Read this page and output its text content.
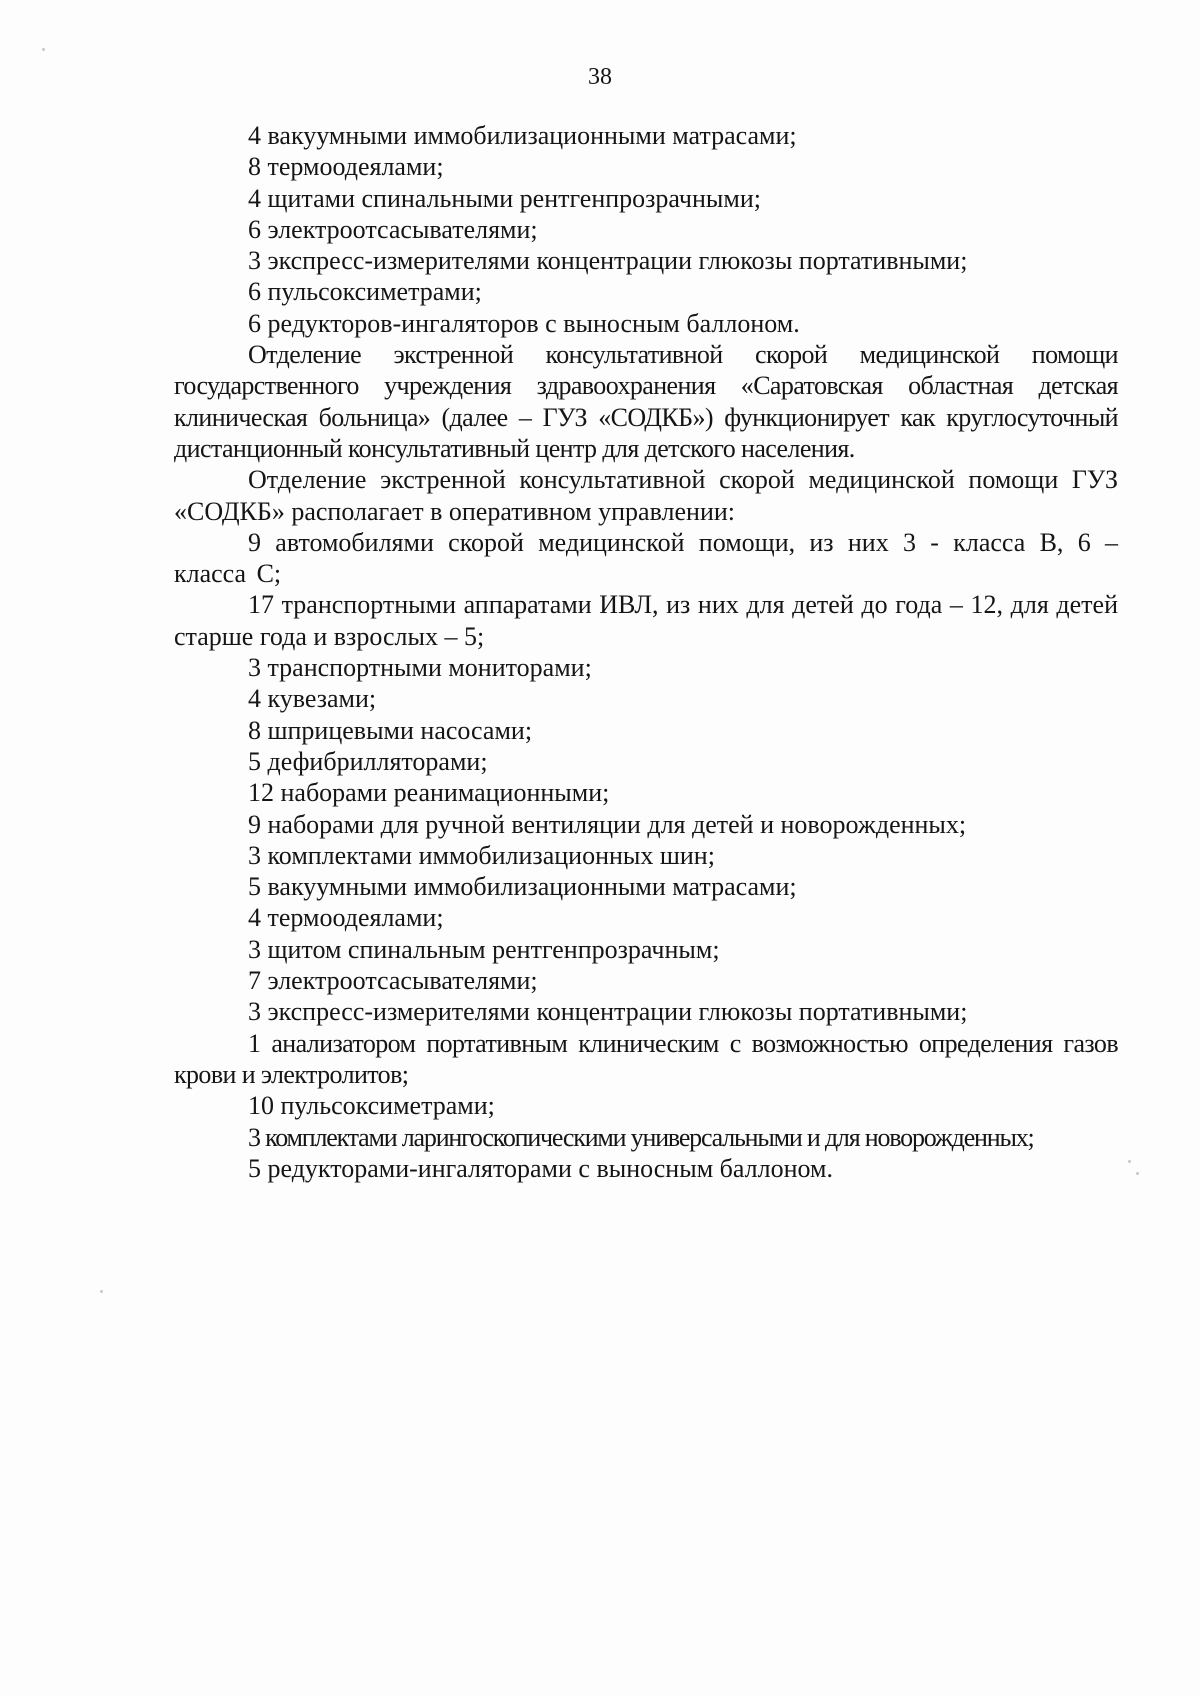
38

4 вакуумными иммобилизационными матрасами;

8 термоодеялами;

4 щитами спинальными рентгенпрозрачными;

6 электроотсасывателями;

3 экспресс-измерителями концентрации глюкозы портативными;

6 пульсоксиметрами;

6 редукторов-ингаляторов с выносным баллоном.

Отделение экстренной консультативной скорой медицинской помощи государственного учреждения здравоохранения «Саратовская областная детская клиническая больница» (далее – ГУЗ «СОДКБ») функционирует как круглосуточный дистанционный консультативный центр для детского населения.

Отделение экстренной консультативной скорой медицинской помощи ГУЗ «СОДКБ» располагает в оперативном управлении:

9 автомобилями скорой медицинской помощи, из них 3 - класса В, 6 – класса С;

17 транспортными аппаратами ИВЛ, из них для детей до года – 12, для детей старше года и взрослых – 5;

3 транспортными мониторами;

4 кувезами;

8 шприцевыми насосами;

5 дефибрилляторами;

12 наборами реанимационными;

9 наборами для ручной вентиляции для детей и новорожденных;

3 комплектами иммобилизационных шин;

5 вакуумными иммобилизационными матрасами;

4 термоодеялами;

3 щитом спинальным рентгенпрозрачным;

7 электроотсасывателями;

3 экспресс-измерителями концентрации глюкозы портативными;

1 анализатором портативным клиническим с возможностью определения газов крови и электролитов;

10 пульсоксиметрами;

3 комплектами ларингоскопическими универсальными и для новорожденных;

5 редукторами-ингаляторами с выносным баллоном.
